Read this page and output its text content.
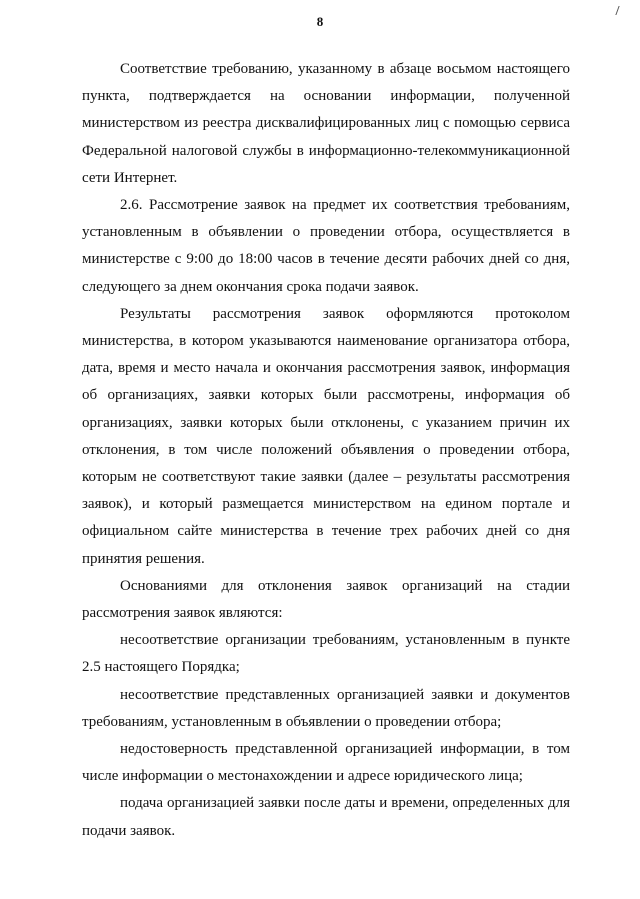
8

Соответствие требованию, указанному в абзаце восьмом настоящего пункта, подтверждается на основании информации, полученной министерством из реестра дисквалифицированных лиц с помощью сервиса Федеральной налоговой службы в информационно-телекоммуникационной сети Интернет.

2.6. Рассмотрение заявок на предмет их соответствия требованиям, установленным в объявлении о проведении отбора, осуществляется в министерстве с 9:00 до 18:00 часов в течение десяти рабочих дней со дня, следующего за днем окончания срока подачи заявок.

Результаты рассмотрения заявок оформляются протоколом министерства, в котором указываются наименование организатора отбора, дата, время и место начала и окончания рассмотрения заявок, информация об организациях, заявки которых были рассмотрены, информация об организациях, заявки которых были отклонены, с указанием причин их отклонения, в том числе положений объявления о проведении отбора, которым не соответствуют такие заявки (далее – результаты рассмотрения заявок), и который размещается министерством на едином портале и официальном сайте министерства в течение трех рабочих дней со дня принятия решения.

Основаниями для отклонения заявок организаций на стадии рассмотрения заявок являются:

несоответствие организации требованиям, установленным в пункте 2.5 настоящего Порядка;

несоответствие представленных организацией заявки и документов требованиям, установленным в объявлении о проведении отбора;

недостоверность представленной организацией информации, в том числе информации о местонахождении и адресе юридического лица;

подача организацией заявки после даты и времени, определенных для подачи заявок.
